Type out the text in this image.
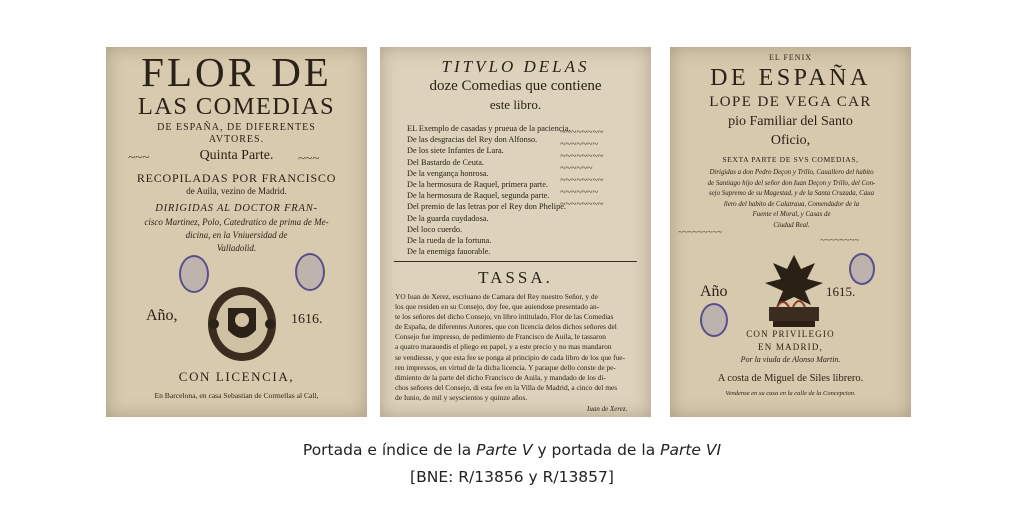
FLOR DE
LAS COMEDIAS
DE ESPAÑA, DE DIFERENTES
AVTORES.
~~~	Quinta Parte.	~~~
RECOPILADAS POR FRANCISCO
de Auila, vezino de Madrid.
DIRIGIDAS AL DOCTOR FRAN-
cisco Martinez, Polo, Catedratico de prima de Me-
dicina, en la Vniuersidad de
Valladolid.
Año,	1616.
CON LICENCIA,
En Barcelona, en casa Sebastian de Cormellas al Call,
TITVLO DELAS
doze Comedias que contiene
este libro.
EL Exemplo de casadas y prueua de la paciencia.
De las desgracias del Rey don Alfonso.
De los siete Infantes de Lara.
Del Bastardo de Ceuta.
De la vengança honrosa.
De la hermosura de Raquel, primera parte.
De la hermosura de Raquel, segunda parte.
Del premio de las letras por el Rey don Phelipe.
De la guarda cuydadosa.
Del loco cuerdo.
De la rueda de la fortuna.
De la enemiga fauorable.
~~~~~~~~
~~~~~~~
~~~~~~~~
~~~~~~
~~~~~~~~
~~~~~~~
~~~~~~~~
TASSA.
YO Iuan de Xerez, escriuano de Camara del Rey nuestro Señor, y de
los que residen en su Consejo, doy fee, que auiendose presentado an-
te los señores del dicho Consejo, vn libro intitulado, Flor de las Comedias
de España, de diferentes Autores, que con licencia delos dichos señores del
Consejo fue impresso, de pedimiento de Francisco de Auila, le tassaron
a quatro marauedis el pliego en papel, y a este precio y no mas mandaron
se vendiesse, y que esta fee se ponga al principio de cada libro de los que fue-
ren impressos, en virtud de la dicha licencia. Y paraque dello conste de pe-
dimiento de la parte del dicho Francisco de Auila, y mandado de los di-
chos señores del Consejo, di esta fee en la Villa de Madrid, a cinco del mes
de Iunio, de mil y seyscientos y quinze años.
Iuan de Xerez.
EL FENIX
DE ESPAÑA
LOPE DE VEGA CAR
pio Familiar del Santo
Oficio,
SEXTA PARTE DE SVS COMEDIAS,
Dirigidas a don Pedro Deçon y Trillo, Cauallero del habito
de Santiago hijo del señor don Iuan Deçon y Trillo, del Con-
sejo Supremo de su Magestad, y de la Santa Cruzada, Caua
llero del habito de Calatraua, Comendador de la
Fuente el Moral, y Casas de
Ciudad Real.
~~~~~~~~~
~~~~~~~~
Año	1615.
CON PRIVILEGIO
EN MADRID,
Por la viuda de Alonso Martin.
A costa de Miguel de Siles librero.
Vendense en su casa en la calle de la Concepcion.
Portada e índice de la Parte V y portada de la Parte VI
[BNE: R/13856 y R/13857]
